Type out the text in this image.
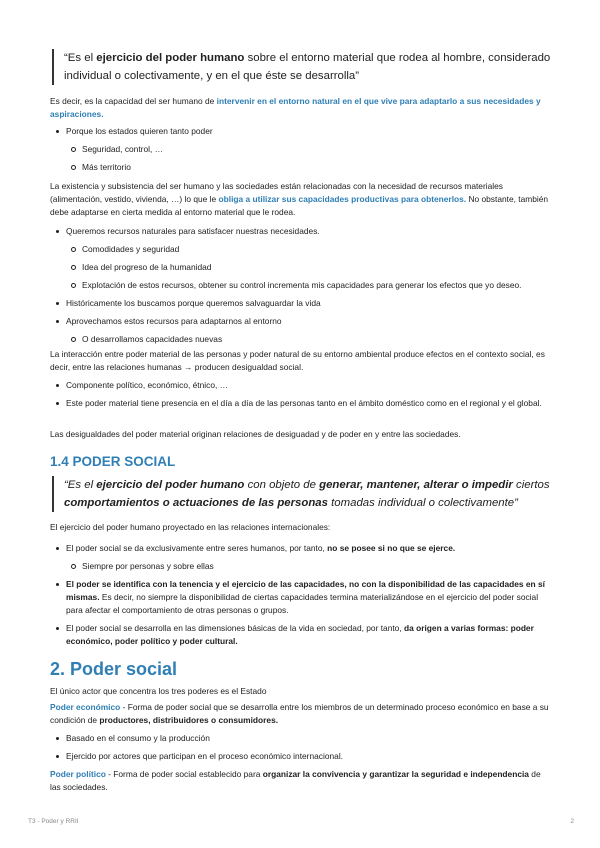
“Es el ejercicio del poder humano sobre el entorno material que rodea al hombre, considerado individual o colectivamente, y en el que éste se desarrolla”

Es decir, es la capacidad del ser humano de intervenir en el entorno natural en el que vive para adaptarlo a sus necesidades y aspiraciones.

Porque los estados quieren tanto poder
Seguridad, control, …
Más territorio

La existencia y subsistencia del ser humano y las sociedades están relacionadas con la necesidad de recursos materiales (alimentación, vestido, vivienda, …) lo que le obliga a utilizar sus capacidades productivas para obtenerlos. No obstante, también debe adaptarse en cierta medida al entorno material que le rodea.

Queremos recursos naturales para satisfacer nuestras necesidades.
Comodidades y seguridad
Idea del progreso de la humanidad
Explotación de estos recursos, obtener su control incrementa mis capacidades para generar los efectos que yo deseo.
Históricamente los buscamos porque queremos salvaguardar la vida
Aprovechamos estos recursos para adaptarnos al entorno
O desarrollamos capacidades nuevas

La interacción entre poder material de las personas y poder natural de su entorno ambiental produce efectos en el contexto social, es decir, entre las relaciones humanas → producen desigualdad social.

Componente político, económico, étnico, …
Este poder material tiene presencia en el día a día de las personas tanto en el ámbito doméstico como en el regional y el global.

Las desigualdades del poder material originan relaciones de desiguadad y de poder en y entre las sociedades.

1.4 PODER SOCIAL

“Es el ejercicio del poder humano con objeto de generar, mantener, alterar o impedir ciertos comportamientos o actuaciones de las personas tomadas individual o colectivamente”

El ejercicio del poder humano proyectado en las relaciones internacionales:

El poder social se da exclusivamente entre seres humanos, por tanto, no se posee si no que se ejerce.
Siempre por personas y sobre ellas
El poder se identifica con la tenencia y el ejercicio de las capacidades, no con la disponibilidad de las capacidades en sí mismas. Es decir, no siempre la disponibilidad de ciertas capacidades termina materializándose en el ejercicio del poder social para afectar el comportamiento de otras personas o grupos.
El poder social se desarrolla en las dimensiones básicas de la vida en sociedad, por tanto, da origen a varias formas: poder económico, poder político y poder cultural.
2. Poder social

El único actor que concentra los tres poderes es el Estado

Poder económico - Forma de poder social que se desarrolla entre los miembros de un determinado proceso económico en base a su condición de productores, distribuidores o consumidores.

Basado en el consumo y la producción
Ejercido por actores que participan en el proceso económico internacional.

Poder político - Forma de poder social establecido para organizar la convivencia y garantizar la seguridad e independencia de las sociedades.

T3 - Poder y RRII	2
